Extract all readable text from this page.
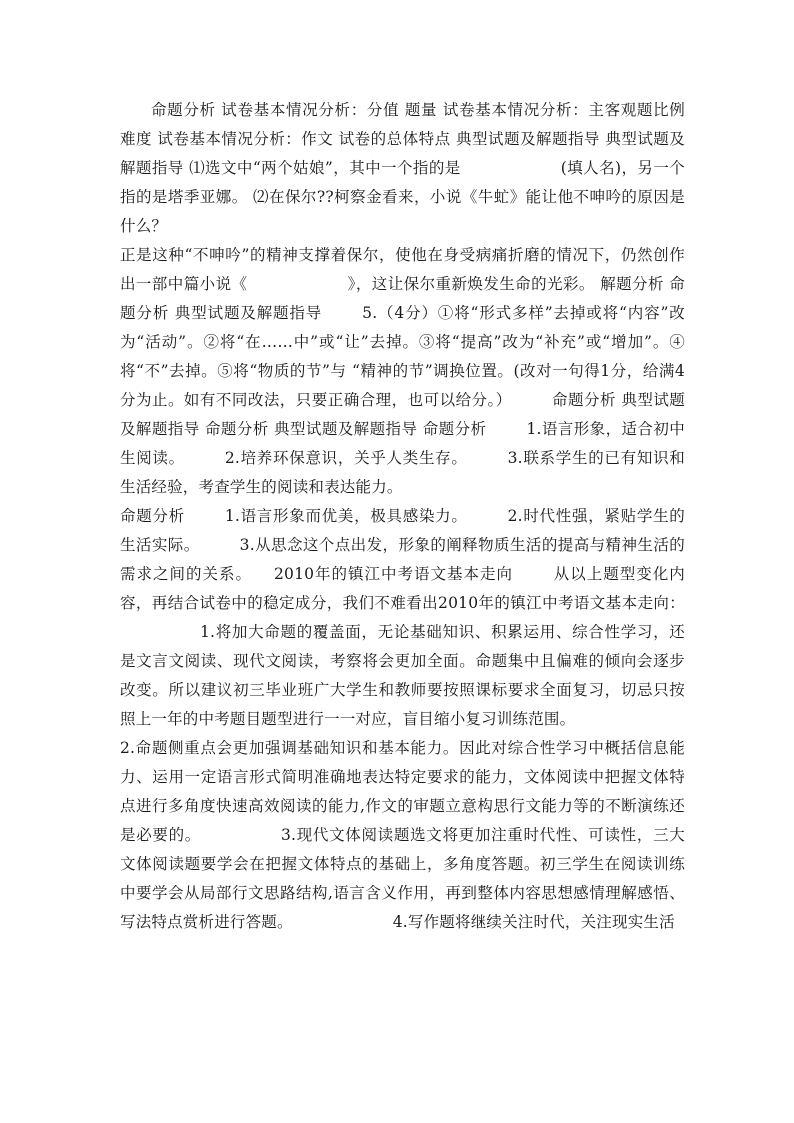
命题分析 试卷基本情况分析：分值 题量 试卷基本情况分析：主客观题比例 难度 试卷基本情况分析：作文 试卷的总体特点 典型试题及解题指导 典型试题及解题指导 ⑴选文中“两个姑娘”，其中一个指的是	(填人名)，另一个指的是塔季亚娜。 ⑵在保尔??柯察金看来，小说《牛虻》能让他不呻吟的原因是什么？

正是这种“不呻吟”的精神支撑着保尔，使他在身受病痛折磨的情况下，仍然创作出一部中篇小说《	》，这让保尔重新焕发生命的光彩。 解题分析 命题分析 典型试题及解题指导	5.（4分）①将“形式多样”去掉或将“内容”改为“活动”。②将“在……中”或“让”去掉。③将“提高”改为“补充”或“增加”。④将“不”去掉。⑤将“物质的节”与 “精神的节”调换位置。(改对一句得1分，给满4分为止。如有不同改法，只要正确合理，也可以给分。）	命题分析 典型试题及解题指导 命题分析 典型试题及解题指导 命题分析	1.语言形象，适合初中生阅读。	2.培养环保意识，关乎人类生存。	3.联系学生的已有知识和生活经验，考查学生的阅读和表达能力。

命题分析	1.语言形象而优美，极具感染力。	2.时代性强，紧贴学生的生活实际。	3.从思念这个点出发，形象的阐释物质生活的提高与精神生活的需求之间的关系。 2010年的镇江中考语文基本走向	从以上题型变化内容，再结合试卷中的稳定成分，我们不难看出2010年的镇江中考语文基本走向：1.将加大命题的覆盖面，无论基础知识、积累运用、综合性学习，还是文言文阅读、现代文阅读，考察将会更加全面。命题集中且偏难的倾向会逐步改变。所以建议初三毕业班广大学生和教师要按照课标要求全面复习，切忌只按照上一年的中考题目题型进行一一对应，盲目缩小复习训练范围。

2.命题侧重点会更加强调基础知识和基本能力。因此对综合性学习中概括信息能力、运用一定语言形式简明准确地表达特定要求的能力，文体阅读中把握文体特点进行多角度快速高效阅读的能力,作文的审题立意构思行文能力等的不断演练还是必要的。	3.现代文体阅读题选文将更加注重时代性、可读性，三大文体阅读题要学会在把握文体特点的基础上，多角度答题。初三学生在阅读训练中要学会从局部行文思路结构,语言含义作用，再到整体内容思想感情理解感悟、写法特点赏析进行答题。	4.写作题将继续关注时代，关注现实生活
